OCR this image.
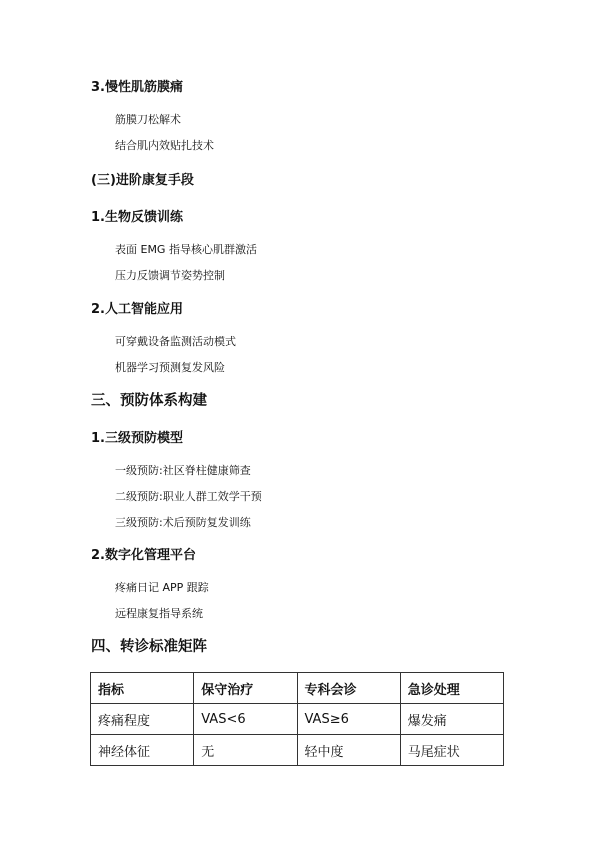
3.慢性肌筋膜痛
筋膜刀松解术
结合肌内效贴扎技术
(三)进阶康复手段
1.生物反馈训练
表面 EMG 指导核心肌群激活
压力反馈调节姿势控制
2.人工智能应用
可穿戴设备监测活动模式
机器学习预测复发风险
三、预防体系构建
1.三级预防模型
一级预防:社区脊柱健康筛查
二级预防:职业人群工效学干预
三级预防:术后预防复发训练
2.数字化管理平台
疼痛日记 APP 跟踪
远程康复指导系统
四、转诊标准矩阵
指标	保守治疗	专科会诊	急诊处理
疼痛程度	VAS<6	VAS≥6	爆发痛
神经体征	无	轻中度	马尾症状
